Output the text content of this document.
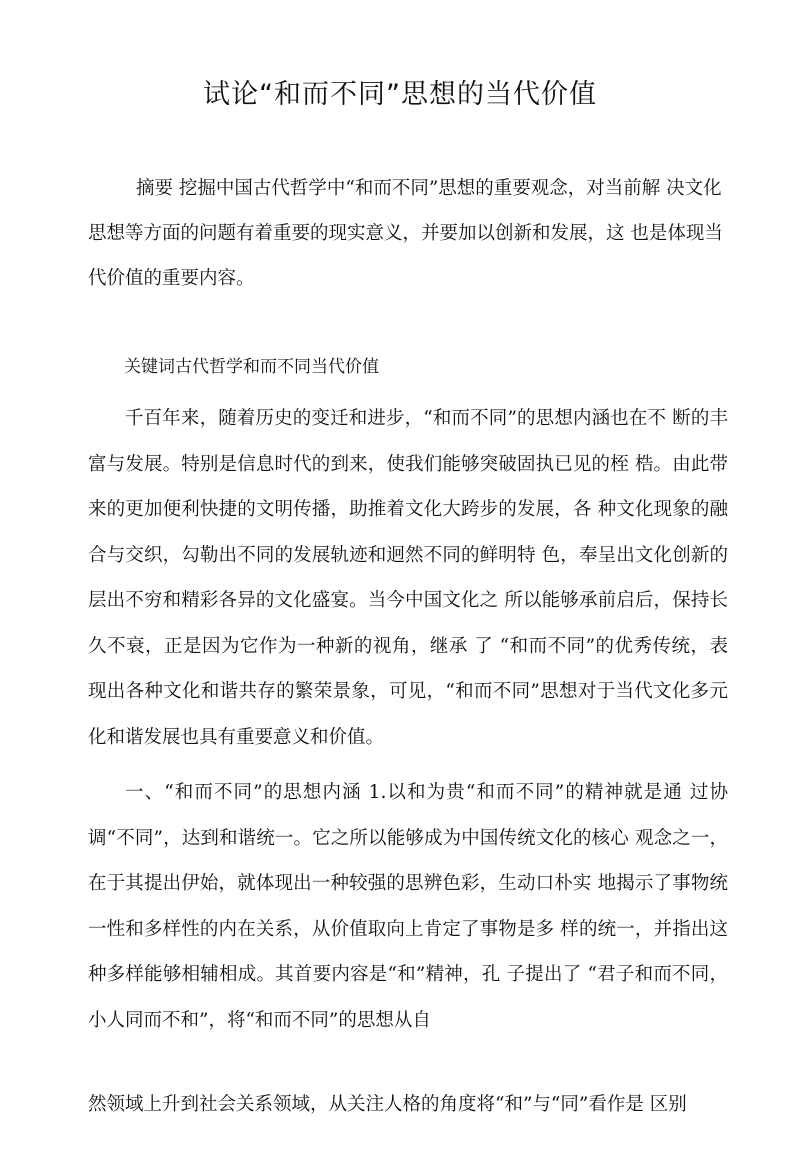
试论“和而不同”思想的当代价值

摘要 挖掘中国古代哲学中“和而不同”思想的重要观念，对当前解 决文化思想等方面的问题有着重要的现实意义，并要加以创新和发展，这 也是体现当代价值的重要内容。

关键词古代哲学和而不同当代价值

千百年来，随着历史的变迁和进步，“和而不同”的思想内涵也在不 断的丰富与发展。特别是信息时代的到来，使我们能够突破固执已见的桎 梏。由此带来的更加便利快捷的文明传播，助推着文化大跨步的发展，各 种文化现象的融合与交织，勾勒出不同的发展轨迹和迥然不同的鲜明特 色，奉呈出文化创新的层出不穷和精彩各异的文化盛宴。当今中国文化之 所以能够承前启后，保持长久不衰，正是因为它作为一种新的视角，继承 了 “和而不同”的优秀传统，表现出各种文化和谐共存的繁荣景象，可见，“和而不同”思想对于当代文化多元化和谐发展也具有重要意义和价值。

一、“和而不同”的思想内涵 1.以和为贵“和而不同”的精神就是通 过协调“不同”，达到和谐统一。它之所以能够成为中国传统文化的核心 观念之一，在于其提出伊始，就体现出一种较强的思辨色彩，生动口朴实 地揭示了事物统一性和多样性的内在关系，从价值取向上肯定了事物是多 样的统一，并指出这种多样能够相辅相成。其首要内容是“和”精神，孔 子提出了 “君子和而不同，小人同而不和”，将“和而不同”的思想从自

然领域上升到社会关系领域，从关注人格的角度将“和”与“同”看作是 区别
